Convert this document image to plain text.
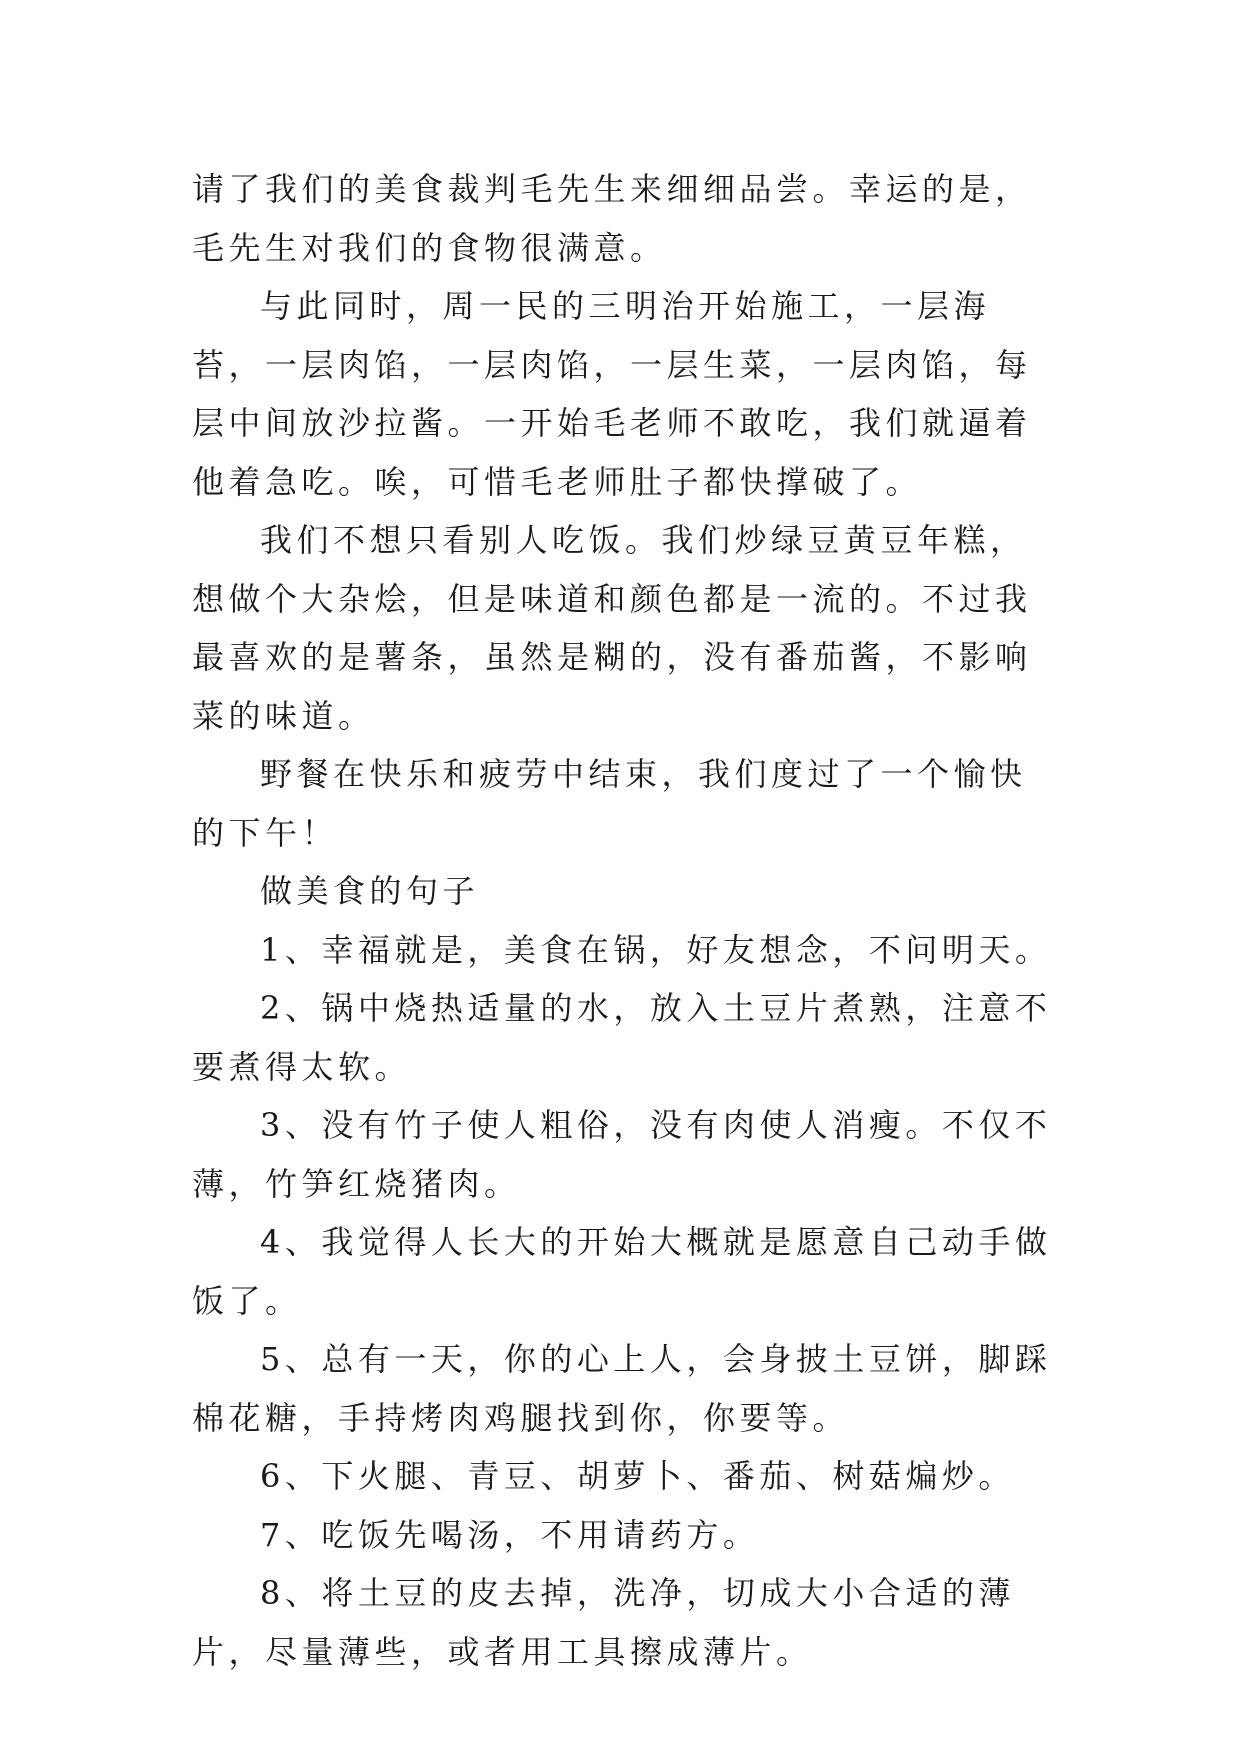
请了我们的美食裁判毛先生来细细品尝。幸运的是，毛先生对我们的食物很满意。

与此同时，周一民的三明治开始施工，一层海苔，一层肉馅，一层肉馅，一层生菜，一层肉馅，每层中间放沙拉酱。一开始毛老师不敢吃，我们就逼着他着急吃。唉，可惜毛老师肚子都快撑破了。

我们不想只看别人吃饭。我们炒绿豆黄豆年糕，想做个大杂烩，但是味道和颜色都是一流的。不过我最喜欢的是薯条，虽然是糊的，没有番茄酱，不影响菜的味道。

野餐在快乐和疲劳中结束，我们度过了一个愉快的下午！

做美食的句子

1、幸福就是，美食在锅，好友想念，不问明天。

2、锅中烧热适量的水，放入土豆片煮熟，注意不要煮得太软。

3、没有竹子使人粗俗，没有肉使人消瘦。不仅不薄，竹笋红烧猪肉。

4、我觉得人长大的开始大概就是愿意自己动手做饭了。

5、总有一天，你的心上人，会身披土豆饼，脚踩棉花糖，手持烤肉鸡腿找到你，你要等。

6、下火腿、青豆、胡萝卜、番茄、树菇煸炒。

7、吃饭先喝汤，不用请药方。

8、将土豆的皮去掉，洗净，切成大小合适的薄片，尽量薄些，或者用工具擦成薄片。
